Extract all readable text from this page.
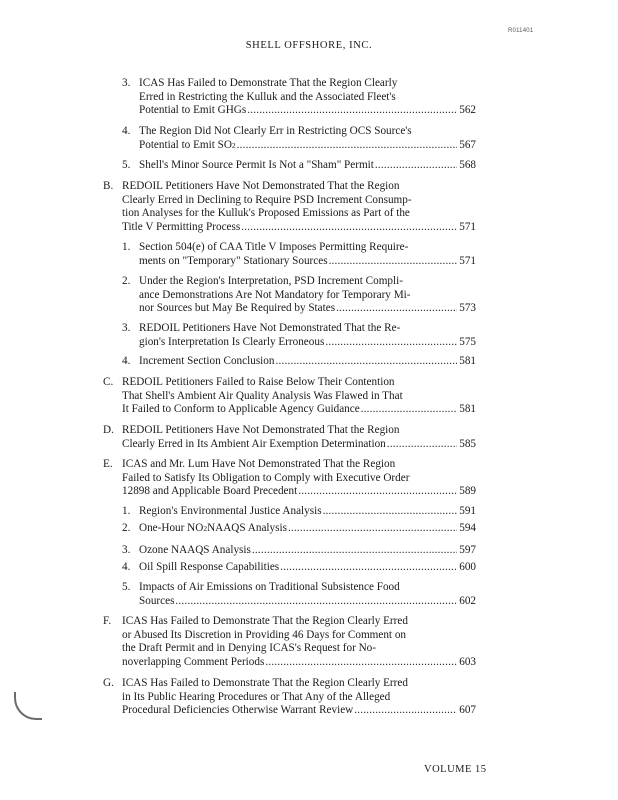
R011401
SHELL OFFSHORE, INC.
3. ICAS Has Failed to Demonstrate That the Region Clearly
Erred in Restricting the Kulluk and the Associated Fleet's
Potential to Emit GHGs .....	562
4. The Region Did Not Clearly Err in Restricting OCS Source's
Potential to Emit SO 2 .....	567
5. Shell's Minor Source Permit Is Not a "Sham" Permit .....	568
B. REDOIL Petitioners Have Not Demonstrated That the Region
Clearly Erred in Declining to Require PSD Increment Consump-
tion Analyses for the Kulluk's Proposed Emissions as Part of the
Title V Permitting Process .....	571
1. Section 504(e) of CAA Title V Imposes Permitting Require-
ments on "Temporary" Stationary Sources .....	571
2. Under the Region's Interpretation, PSD Increment Compli-
ance Demonstrations Are Not Mandatory for Temporary Mi-
nor Sources but May Be Required by States .....	573
3. REDOIL Petitioners Have Not Demonstrated That the Re-
gion's Interpretation Is Clearly Erroneous .....	575
4. Increment Section Conclusion .....	581
C. REDOIL Petitioners Failed to Raise Below Their Contention
That Shell's Ambient Air Quality Analysis Was Flawed in That
It Failed to Conform to Applicable Agency Guidance .....	581
D. REDOIL Petitioners Have Not Demonstrated That the Region
Clearly Erred in Its Ambient Air Exemption Determination .....	585
E. ICAS and Mr. Lum Have Not Demonstrated That the Region
Failed to Satisfy Its Obligation to Comply with Executive Order
12898 and Applicable Board Precedent .....	589
1. Region's Environmental Justice Analysis .....	591
2. One-Hour NO 2 NAAQS Analysis .....	594
3. Ozone NAAQS Analysis .....	597
4. Oil Spill Response Capabilities .....	600
5. Impacts of Air Emissions on Traditional Subsistence Food
Sources .....	602
F. ICAS Has Failed to Demonstrate That the Region Clearly Erred
or Abused Its Discretion in Providing 46 Days for Comment on
the Draft Permit and in Denying ICAS's Request for No-
noverlapping Comment Periods .....	603
G. ICAS Has Failed to Demonstrate That the Region Clearly Erred
in Its Public Hearing Procedures or That Any of the Alleged
Procedural Deficiencies Otherwise Warrant Review .....	607
VOLUME 15
